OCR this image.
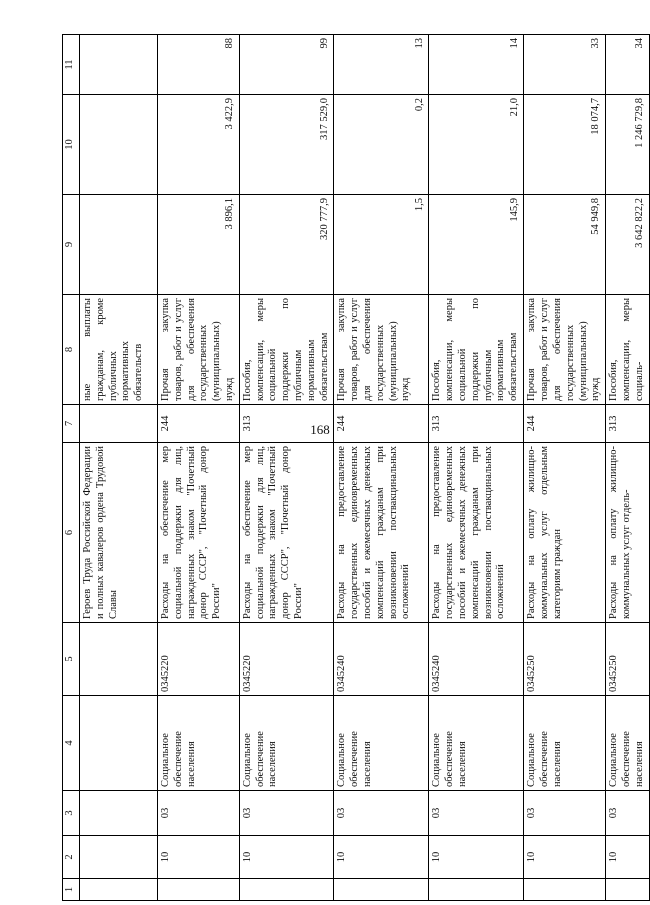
168
1	2	3	4	5	6	7	8	9	10	11
					Героев Труда Российской Федерации и полных кавалеров ордена Трудовой Славы		ные выплаты гражданам, кроме публичных нормативных обязательств			
	10	03	Социальное обеспечение населения	0345220	Расходы на обеспечение мер социальной поддержки для лиц, награжденных знаком "Почетный донор СССР", "Почетный донор России"	244	Прочая закупка товаров, работ и услуг для обеспечения государственных (муниципальных) нужд	3 896,1	3 422,9	88
	10	03	Социальное обеспечение населения	0345220	Расходы на обеспечение мер социальной поддержки для лиц, награжденных знаком "Почетный донор СССР", "Почетный донор России"	313	Пособия, компенсации, меры социальной поддержки по публичным нормативным обязательствам	320 777,9	317 529,0	99
	10	03	Социальное обеспечение населения	0345240	Расходы на предоставление государственных единовременных пособий и ежемесячных денежных компенсаций гражданам при возникновении поствакцинальных осложнений	244	Прочая закупка товаров, работ и услуг для обеспечения государственных (муниципальных) нужд	1,5	0,2	13
	10	03	Социальное обеспечение населения	0345240	Расходы на предоставление государственных единовременных пособий и ежемесячных денежных компенсаций гражданам при возникновении поствакцинальных осложнений	313	Пособия, компенсации, меры социальной поддержки по публичным нормативным обязательствам	145,9	21,0	14
	10	03	Социальное обеспечение населения	0345250	Расходы на оплату жилищно-коммунальных услуг отдельным категориям граждан	244	Прочая закупка товаров, работ и услуг для обеспечения государственных (муниципальных) нужд	54 949,8	18 074,7	33
	10	03	Социальное обеспечение населения	0345250	Расходы на оплату жилищно-коммунальных услуг отдель-	313	Пособия, компенсации, меры социаль-	3 642 822,2	1 246 729,8	34
